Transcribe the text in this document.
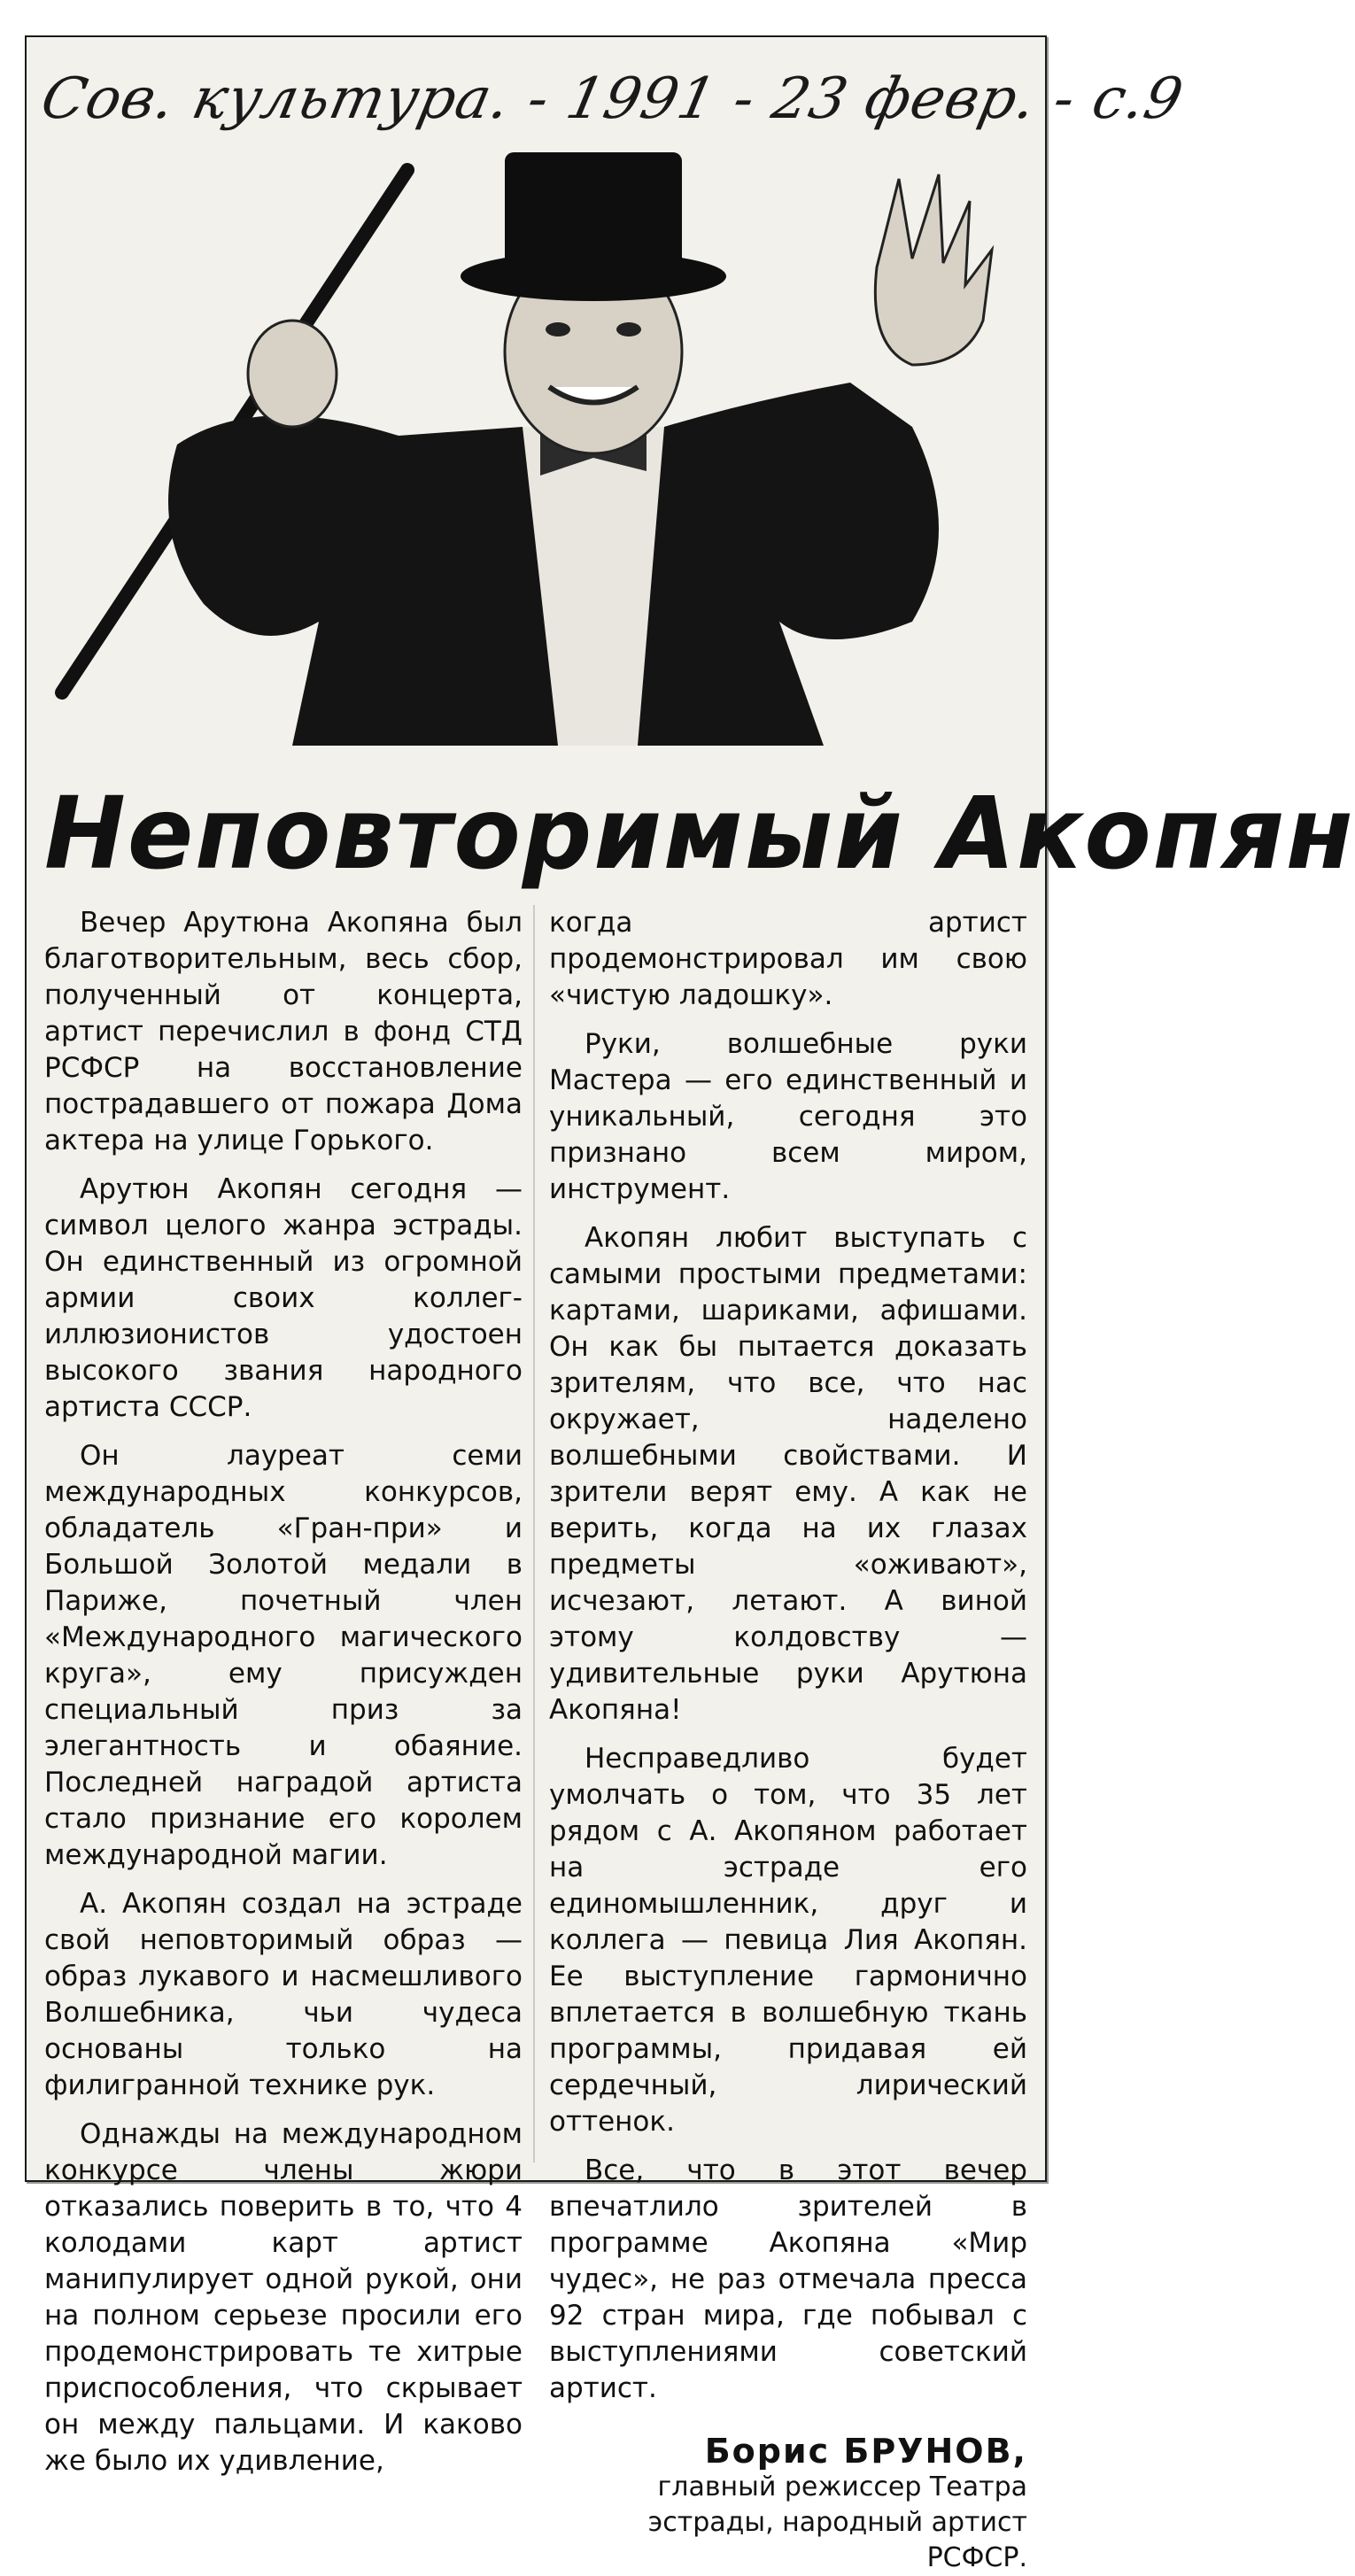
Сов. культура. - 1991 - 23 февр. - с.9
Неповторимый Акопян

Вечер Арутюна Акопяна был благотворительным, весь сбор, полученный от концерта, артист перечислил в фонд СТД РСФСР на восстановление пострадавшего от пожара Дома актера на улице Горького.

Арутюн Акопян сегодня — символ целого жанра эстрады. Он единственный из огромной армии своих коллег-иллюзионистов удостоен высокого звания народного артиста СССР.

Он лауреат семи международных конкурсов, обладатель «Гран-при» и Большой Золотой медали в Париже, почетный член «Международного магического круга», ему присужден специальный приз за элегантность и обаяние. Последней наградой артиста стало признание его королем международной магии.

А. Акопян создал на эстраде свой неповторимый образ — образ лукавого и насмешливого Волшебника, чьи чудеса основаны только на филигранной технике рук.

Однажды на международном конкурсе члены жюри отказались поверить в то, что 4 колодами карт артист манипулирует одной рукой, они на полном серьезе просили его продемонстрировать те хитрые приспособления, что скрывает он между пальцами. И каково же было их удивление,

когда артист продемонстрировал им свою «чистую ладошку».

Руки, волшебные руки Мастера — его единственный и уникальный, сегодня это признано всем миром, инструмент.

Акопян любит выступать с самыми простыми предметами: картами, шариками, афишами. Он как бы пытается доказать зрителям, что все, что нас окружает, наделено волшебными свойствами. И зрители верят ему. А как не верить, когда на их глазах предметы «оживают», исчезают, летают. А виной этому колдовству — удивительные руки Арутюна Акопяна!

Несправедливо будет умолчать о том, что 35 лет рядом с А. Акопяном работает на эстраде его единомышленник, друг и коллега — певица Лия Акопян. Ее выступление гармонично вплетается в волшебную ткань программы, придавая ей сердечный, лирический оттенок.

Все, что в этот вечер впечатлило зрителей в программе Акопяна «Мир чудес», не раз отмечала пресса 92 стран мира, где побывал с выступлениями советский артист.

Борис БРУНОВ,
главный режиссер Театра эстрады, народный артист РСФСР.
